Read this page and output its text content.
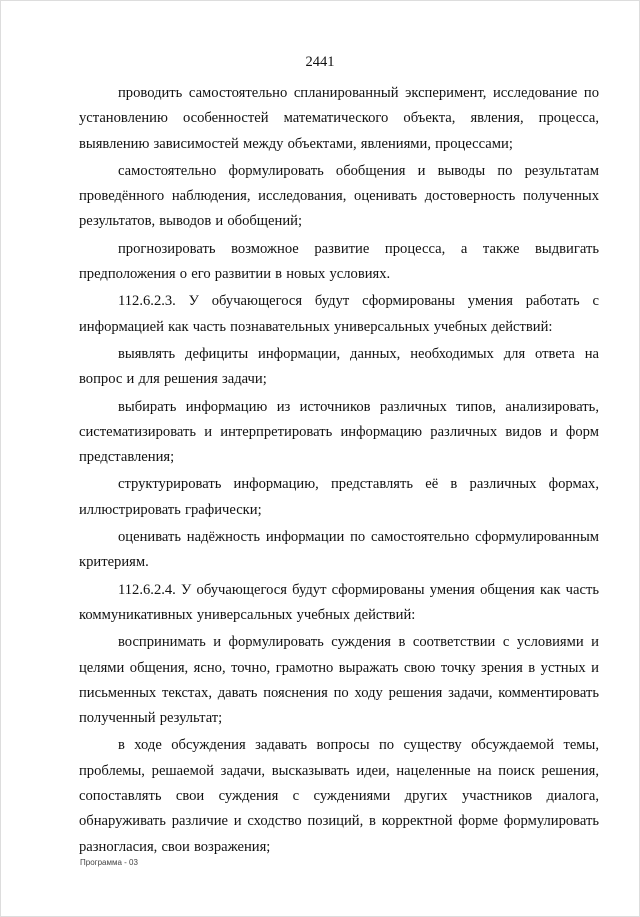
2441

проводить самостоятельно спланированный эксперимент, исследование по установлению особенностей математического объекта, явления, процесса, выявлению зависимостей между объектами, явлениями, процессами;

самостоятельно формулировать обобщения и выводы по результатам проведённого наблюдения, исследования, оценивать достоверность полученных результатов, выводов и обобщений;

прогнозировать возможное развитие процесса, а также выдвигать предположения о его развитии в новых условиях.

112.6.2.3. У обучающегося будут сформированы умения работать с информацией как часть познавательных универсальных учебных действий:

выявлять дефициты информации, данных, необходимых для ответа на вопрос и для решения задачи;

выбирать информацию из источников различных типов, анализировать, систематизировать и интерпретировать информацию различных видов и форм представления;

структурировать информацию, представлять её в различных формах, иллюстрировать графически;

оценивать надёжность информации по самостоятельно сформулированным критериям.

112.6.2.4. У обучающегося будут сформированы умения общения как часть коммуникативных универсальных учебных действий:

воспринимать и формулировать суждения в соответствии с условиями и целями общения, ясно, точно, грамотно выражать свою точку зрения в устных и письменных текстах, давать пояснения по ходу решения задачи, комментировать полученный результат;

в ходе обсуждения задавать вопросы по существу обсуждаемой темы, проблемы, решаемой задачи, высказывать идеи, нацеленные на поиск решения, сопоставлять свои суждения с суждениями других участников диалога, обнаруживать различие и сходство позиций, в корректной форме формулировать разногласия, свои возражения;

Программа - 03
